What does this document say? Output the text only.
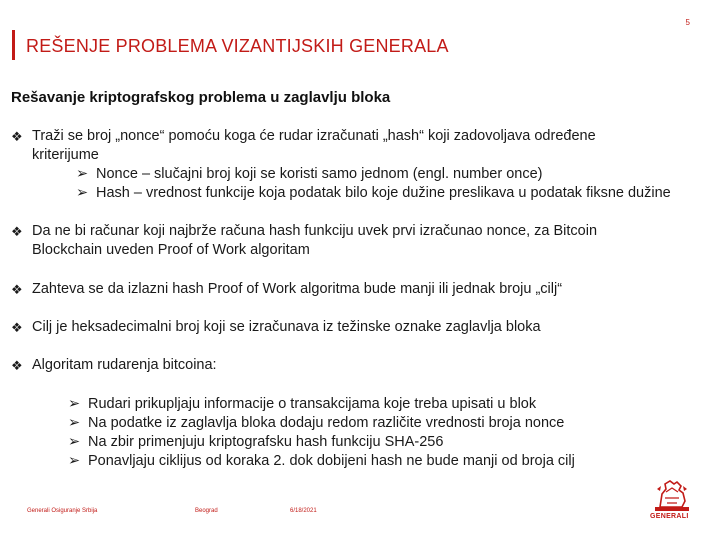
5
REŠENJE PROBLEMA VIZANTIJSKIH GENERALA
Rešavanje kriptografskog problema u zaglavlju bloka
❖ Traži se broj „nonce“ pomoću koga će rudar izračunati „hash“ koji zadovoljava određene
kriterijume
➢ Nonce – slučajni broj koji se koristi samo jednom (engl. number once)
➢ Hash – vrednost funkcije koja podatak bilo koje dužine preslikava u podatak fiksne dužine
❖ Da ne bi računar koji najbrže računa hash funkciju uvek prvi izračunao nonce, za Bitcoin
Blockchain uveden Proof of Work algoritam
❖ Zahteva se da izlazni hash Proof of Work algoritma bude manji ili jednak broju „cilj“
❖ Cilj je heksadecimalni broj koji se izračunava iz težinske oznake zaglavlja bloka
❖ Algoritam rudarenja bitcoina:
➢ Rudari prikupljaju informacije o transakcijama koje treba upisati u blok
➢ Na podatke iz zaglavlja bloka dodaju redom različite vrednosti broja nonce
➢ Na zbir primenjuju kriptografsku hash funkciju SHA-256
➢ Ponavljaju ciklijus od koraka 2. dok dobijeni hash ne bude manji od broja cilj
Generali Osiguranje Srbija	Beograd	6/18/2021
GENERALI
